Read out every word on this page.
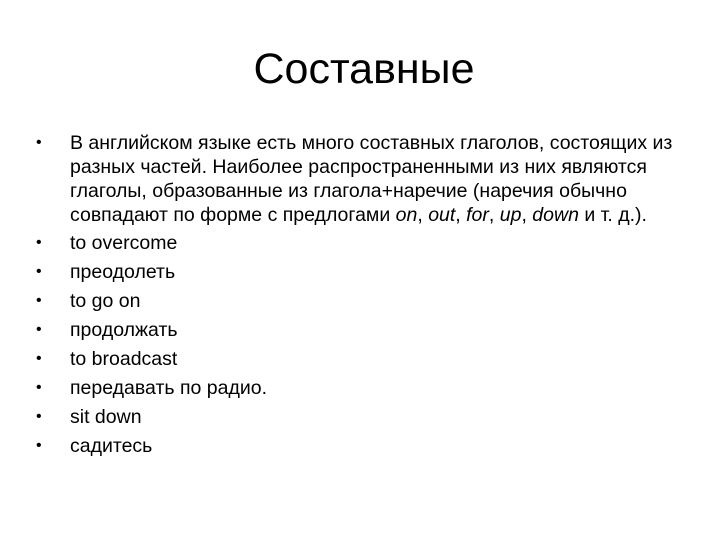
Составные
• В английском языке есть много составных глаголов, состоящих из разных частей. Наиболее распространенными из них являются глаголы, образованные из глагола+наречие (наречия обычно совпадают по форме с предлогами on, out, for, up, down и т. д.).
• to overcome
• преодолеть
• to go on
• продолжать
• to broadcast
• передавать по радио.
• sit down
• садитесь
